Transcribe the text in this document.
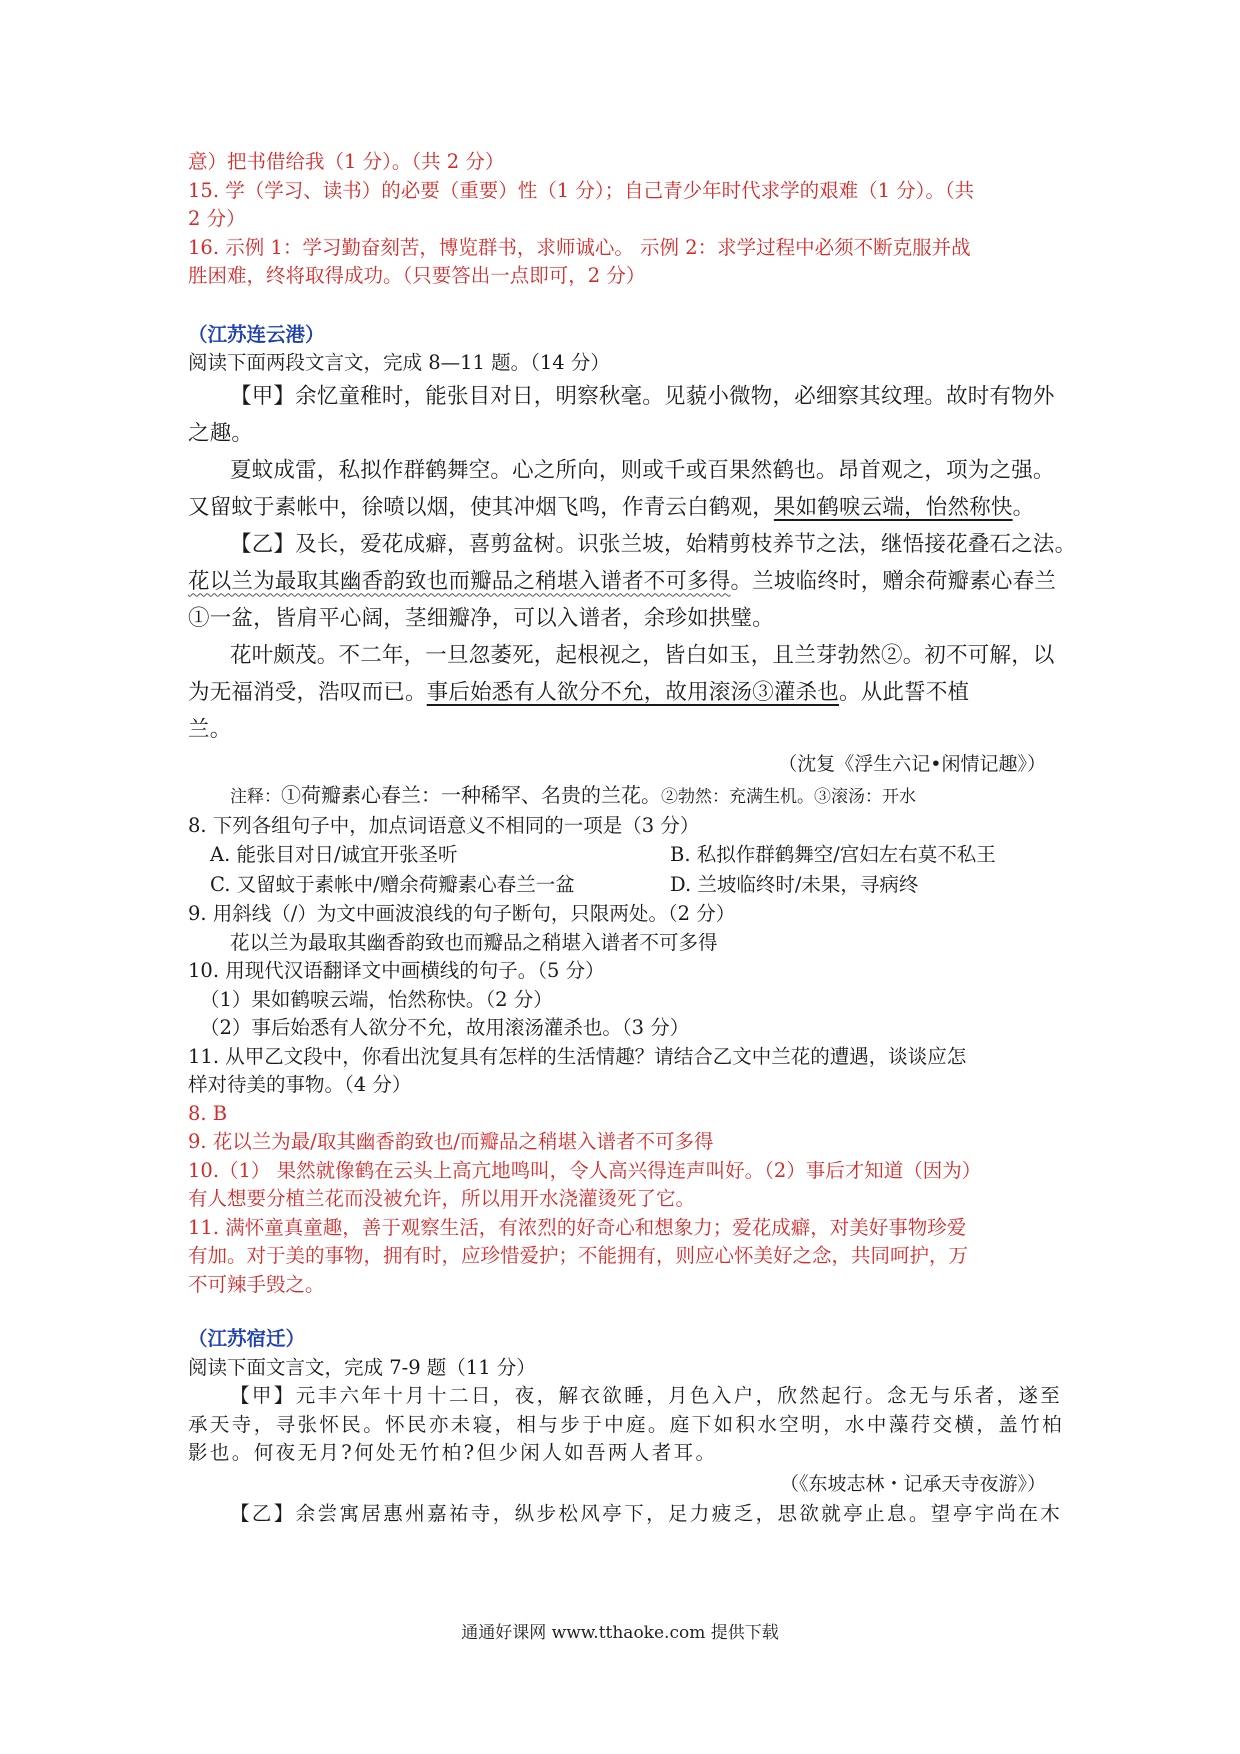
意）把书借给我（1 分）。（共 2 分）
15. 学（学习、读书）的必要（重要）性（1 分）；自己青少年时代求学的艰难（1 分）。（共
2 分）
16. 示例 1：学习勤奋刻苦，博览群书，求师诚心。 示例 2：求学过程中必须不断克服并战
胜困难，终将取得成功。（只要答出一点即可，2 分）
（江苏连云港）
阅读下面两段文言文，完成 8—11 题。（14 分）
【甲】余忆童稚时，能张目对日，明察秋毫。见藐小微物，必细察其纹理。故时有物外
之趣。
夏蚊成雷，私拟作群鹤舞空。心之所向，则或千或百果然鹤也。昂首观之，项为之强。
又留蚊于素帐中，徐喷以烟，使其冲烟飞鸣，作青云白鹤观，果如鹤唳云端，怡然称快。
【乙】及长，爱花成癖，喜剪盆树。识张兰坡，始精剪枝养节之法，继悟接花叠石之法。
花以兰为最取其幽香韵致也而瓣品之稍堪入谱者不可多得。兰坡临终时，赠余荷瓣素心春兰
①一盆，皆肩平心阔，茎细瓣净，可以入谱者，余珍如拱璧。
花叶颇茂。不二年，一旦忽萎死，起根视之，皆白如玉，且兰芽勃然②。初不可解，以
为无福消受，浩叹而已。事后始悉有人欲分不允，故用滚汤③灌杀也。从此誓不植
兰。
（沈复《浮生六记•闲情记趣》）
注释：①荷瓣素心春兰：一种稀罕、名贵的兰花。②勃然：充满生机。③滚汤：开水
8. 下列各组句子中，加点词语意义不相同的一项是（3 分）
A. 能张目对日/诚宜开张圣听	B. 私拟作群鹤舞空/宫妇左右莫不私王
C. 又留蚊于素帐中/赠余荷瓣素心春兰一盆	D. 兰坡临终时/未果，寻病终
9. 用斜线（/）为文中画波浪线的句子断句，只限两处。（2 分）
花以兰为最取其幽香韵致也而瓣品之稍堪入谱者不可多得
10. 用现代汉语翻译文中画横线的句子。（5 分）
（1）果如鹤唳云端，怡然称快。（2 分）
（2）事后始悉有人欲分不允，故用滚汤灌杀也。（3 分）
11. 从甲乙文段中，你看出沈复具有怎样的生活情趣？请结合乙文中兰花的遭遇，谈谈应怎
样对待美的事物。（4 分）
8. B
9. 花以兰为最/取其幽香韵致也/而瓣品之稍堪入谱者不可多得
10.（1） 果然就像鹤在云头上高亢地鸣叫，令人高兴得连声叫好。（2）事后才知道（因为）
有人想要分植兰花而没被允许，所以用开水浇灌烫死了它。
11. 满怀童真童趣，善于观察生活，有浓烈的好奇心和想象力；爱花成癖，对美好事物珍爱
有加。对于美的事物，拥有时，应珍惜爱护；不能拥有，则应心怀美好之念，共同呵护，万
不可辣手毁之。
（江苏宿迁）
阅读下面文言文，完成 7-9 题（11 分）
【甲】元丰六年十月十二日，夜，解衣欲睡，月色入户，欣然起行。念无与乐者，遂至
承天寺，寻张怀民。怀民亦未寝，相与步于中庭。庭下如积水空明，水中藻荇交横，盖竹柏
影也。何夜无月?何处无竹柏?但少闲人如吾两人者耳。
（《东坡志林・记承天寺夜游》）
【乙】余尝寓居惠州嘉祐寺，纵步松风亭下，足力疲乏，思欲就亭止息。望亭宇尚在木
通通好课网 www.tthaoke.com 提供下载
